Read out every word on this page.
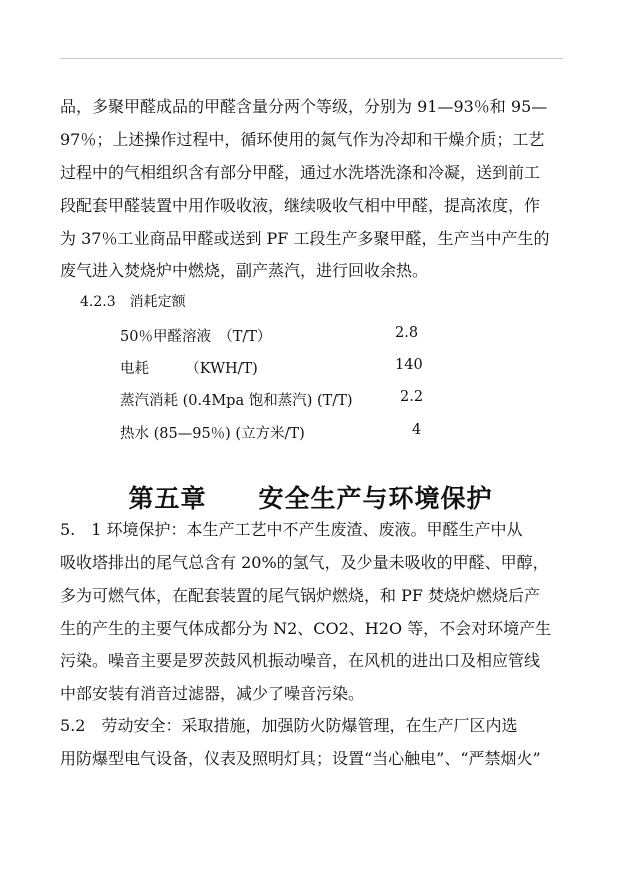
品，多聚甲醛成品的甲醛含量分两个等级，分别为 91—93％和 95—
97％；上述操作过程中，循环使用的氮气作为冷却和干燥介质；工艺
过程中的气相组织含有部分甲醛，通过水洗塔洗涤和冷凝，送到前工
段配套甲醛装置中用作吸收液，继续吸收气相中甲醛，提高浓度，作
为 37％工业商品甲醛或送到 PF 工段生产多聚甲醛，生产当中产生的
废气进入焚烧炉中燃烧，副产蒸汽，进行回收余热。
4.2.3　消耗定额
50％甲醛溶液　（T/T）	2.8
电耗　　　（KWH/T)	140
蒸汽消耗 (0.4Mpa 饱和蒸汽) (T/T)	2.2
热水 (85—95％) (立方米/T)	4
第五章　　安全生产与环境保护
5.　1 环境保护：本生产工艺中不产生废渣、废液。甲醛生产中从
吸收塔排出的尾气总含有 20%的氢气，及少量未吸收的甲醛、甲醇，
多为可燃气体，在配套装置的尾气锅炉燃烧，和 PF 焚烧炉燃烧后产
生的产生的主要气体成都分为 N2、CO2、H2O 等，不会对环境产生
污染。噪音主要是罗茨鼓风机振动噪音，在风机的进出口及相应管线
中部安装有消音过滤器，减少了噪音污染。
5.2　劳动安全：采取措施，加强防火防爆管理，在生产厂区内选
用防爆型电气设备，仪表及照明灯具；设置“当心触电”、“严禁烟火”
